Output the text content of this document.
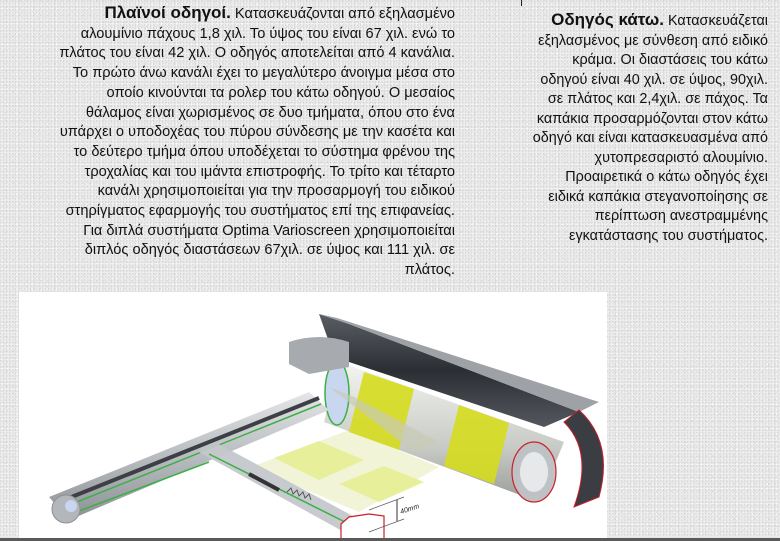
Πλαϊνοί οδηγοί. Κατασκευάζονται από εξηλασμένο
αλουμίνιο πάχους 1,8 χιλ. Το ύψος του είναι 67 χιλ. ενώ το
πλάτος του είναι 42 χιλ. Ο οδηγός αποτελείται από 4 κανάλια.
Το πρώτο άνω κανάλι έχει το μεγαλύτερο άνοιγμα μέσα στο
οποίο κινούνται τα ρολερ του κάτω οδηγού. Ο μεσαίος
θάλαμος είναι χωρισμένος σε δυο τμήματα, όπου στο ένα
υπάρχει ο υποδοχέας του πύρου σύνδεσης με την κασέτα και
το δεύτερο τμήμα όπου υποδέχεται το σύστημα φρένου της
τροχαλίας και του ιμάντα επιστροφής. Το τρίτο και τέταρτο
κανάλι χρησιμοποιείται για την προσαρμογή του ειδικού
στηρίγματος εφαρμογής του συστήματος επί της επιφανείας.
Για διπλά συστήματα Optima Varioscreen χρησιμοποιείται
διπλός οδηγός διαστάσεων 67χιλ. σε ύψος και 111 χιλ. σε
πλάτος.

Οδηγός κάτω. Κατασκευάζεται
εξηλασμένος με σύνθεση από ειδικό
κράμα. Οι διαστάσεις του κάτω
οδηγού είναι 40 χιλ. σε ύψος, 90χιλ.
σε πλάτος και 2,4χιλ. σε πάχος. Τα
καπάκια προσαρμόζονται στον κάτω
οδηγό και είναι κατασκευασμένα από
χυτοπρεσαριστό αλουμίνιο.
Προαιρετικά ο κάτω οδηγός έχει
ειδικά καπάκια στεγανοποίησης σε
περίπτωση ανεστραμμένης
εγκατάστασης του συστήματος.

40mm
